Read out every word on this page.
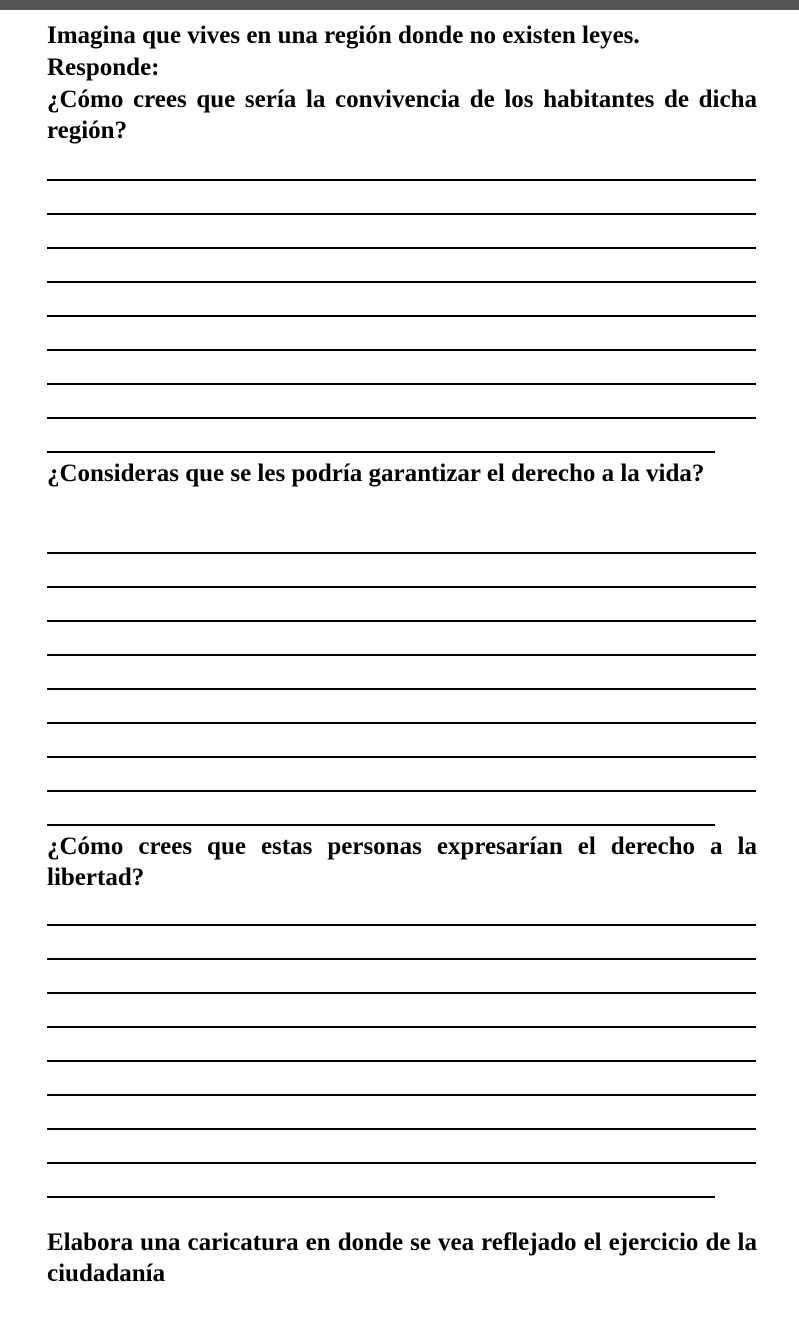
Imagina que vives en una región donde no existen leyes.

Responde:

¿Cómo crees que sería la convivencia de los habitantes de dicha región?

¿Consideras que se les podría garantizar el derecho a la vida?

¿Cómo crees que estas personas expresarían el derecho a la libertad?

Elabora una caricatura en donde se vea reflejado el ejercicio de la ciudadanía
